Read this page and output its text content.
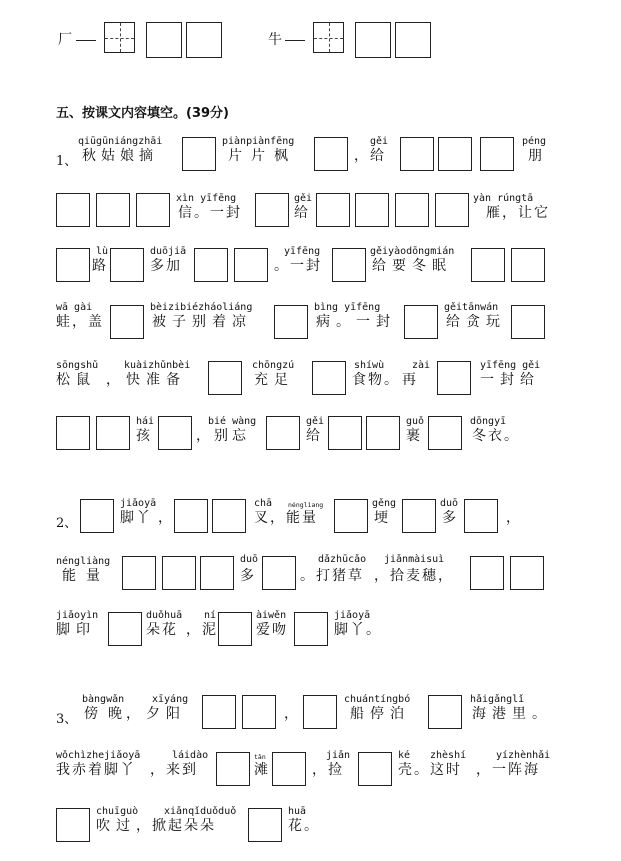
厂	牛
五、按课文内容填空。(39分)
1、
qiūgūniángzhāi
秋姑娘摘
piànpiànfēng
片片枫
gěi
，给
péng
朋
xìn yīfēng
信。一封
gěi
给
yàn rúngtā
雁，让它
lù
路
duōjiā
多加
yīfēng
。一封
gěiyàodōngmián
给要冬眠
wā gài
蛙，盖
bèizibiézháoliáng
被子别着凉
bìng yīfēng
病。一封
gěitānwán
给贪玩
sōngshǔ
松鼠
kuàizhǔnbèi
，快准备
chōngzú
充足
shíwù
食物
zài
。再
yīfēng gěi
一封给
hái
孩
bié wàng
，别忘
gěi
给
guǒ
裹
dōngyī
冬衣。
2、
jiǎoyā
脚丫 ，
chā
叉
nénglìang
，能量
gěng
埂
duō
多	，
néngliàng
能量
duō
多
dǎzhūcǎo
。打猪草
jiǎnmàisuì
，拾麦穗，
jiǎoyìn
脚印
duǒhuā
朵花
ní
，泥
àiwěn
爱吻
jiǎoyā
脚丫。
3、
bàngwǎn
傍晚
xīyáng
，夕阳	，
chuántíngbó
船停泊
hǎigǎnglǐ
海港里。
wǒchìzhejiǎoyā
我赤着脚丫
láidào
，来到
tān
滩
jiǎn
，捡
ké
壳
zhèshí
。这时
yízhènhǎi
，一阵海
chuīguò
吹过
xiǎnqǐduǒduǒ
，掀起朵朵
huā
花。
